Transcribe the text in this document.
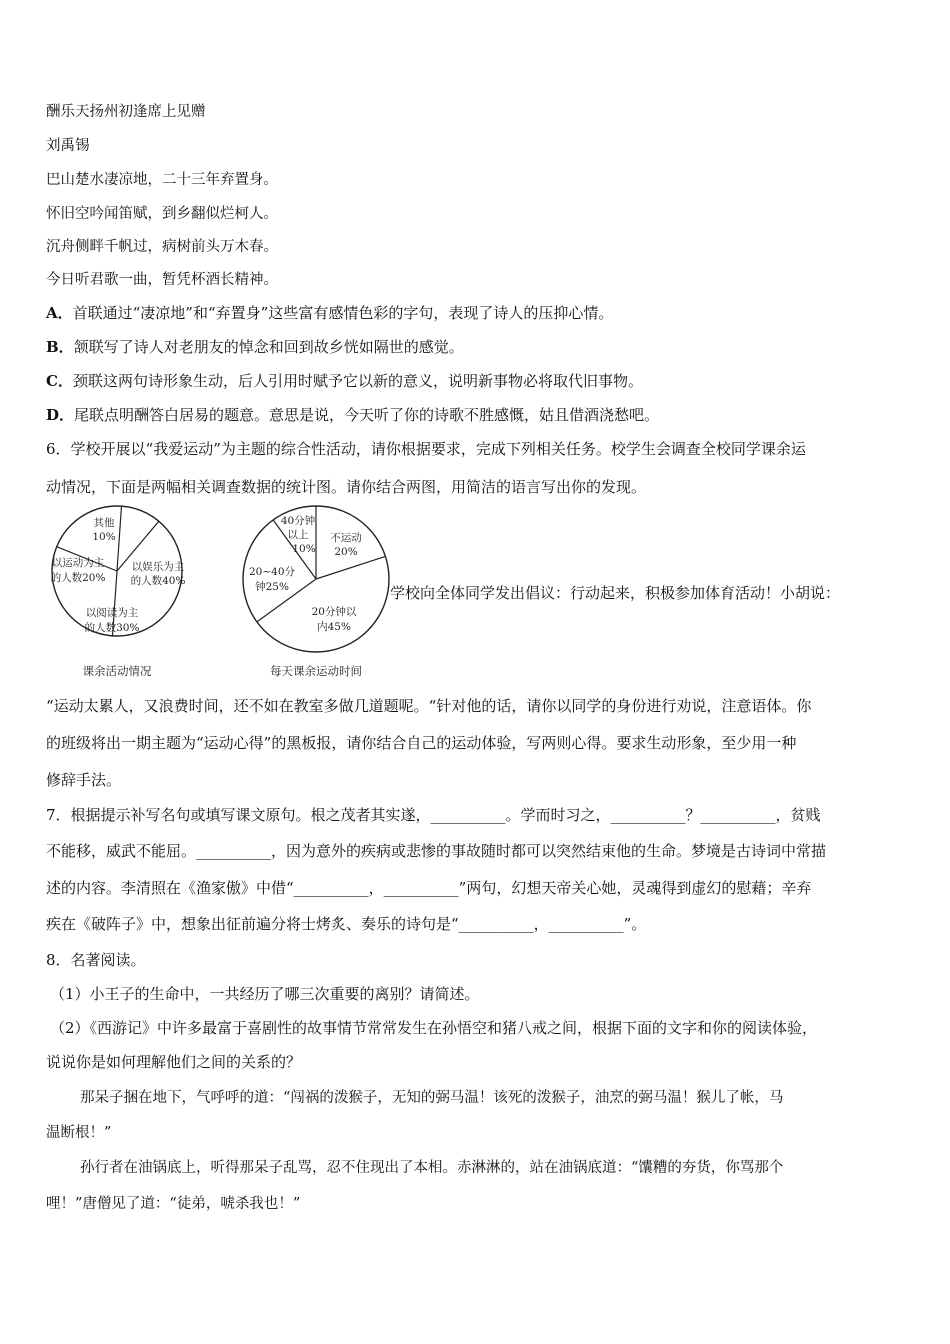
酬乐天扬州初逢席上见赠
刘禹锡
巴山楚水凄凉地，二十三年弃置身。
怀旧空吟闻笛赋，到乡翻似烂柯人。
沉舟侧畔千帆过，病树前头万木春。
今日听君歌一曲，暂凭杯酒长精神。
A．首联通过“凄凉地”和“弃置身”这些富有感情色彩的字句，表现了诗人的压抑心情。
B．颔联写了诗人对老朋友的悼念和回到故乡恍如隔世的感觉。
C．颈联这两句诗形象生动，后人引用时赋予它以新的意义，说明新事物必将取代旧事物。
D．尾联点明酬答白居易的题意。意思是说，今天听了你的诗歌不胜感慨，姑且借酒浇愁吧。
6．学校开展以“我爱运动”为主题的综合性活动，请你根据要求，完成下列相关任务。校学生会调查全校同学课余运
动情况，下面是两幅相关调查数据的统计图。请你结合两图，用简洁的语言写出你的发现。
其他
10%
以娱乐为主
的人数40%
以阅读为主
的人数30%
以运动为主
的人数20%
课余活动情况
40分钟
以上
10%
不运动
20%
20分钟以
内45%
20~40分
钟25%
每天课余运动时间
学校向全体同学发出倡议：行动起来，积极参加体育活动！小胡说：
“运动太累人，又浪费时间，还不如在教室多做几道题呢。“针对他的话，请你以同学的身份进行劝说，注意语体。你
的班级将出一期主题为“运动心得”的黑板报，请你结合自己的运动体验，写两则心得。要求生动形象，至少用一种
修辞手法。
7．根据提示补写名句或填写课文原句。根之茂者其实遂，__________。学而时习之，__________？__________，贫贱
不能移，威武不能屈。__________，因为意外的疾病或悲惨的事故随时都可以突然结束他的生命。梦境是古诗词中常描
述的内容。李清照在《渔家傲》中借“__________，__________”两句，幻想天帝关心她，灵魂得到虚幻的慰藉；辛弃
疾在《破阵子》中，想象出征前遍分将士烤炙、奏乐的诗句是“__________，__________”。
8．名著阅读。
（1）小王子的生命中，一共经历了哪三次重要的离别？请简述。
（2）《西游记》中许多最富于喜剧性的故事情节常常发生在孙悟空和猪八戒之间，根据下面的文字和你的阅读体验，
说说你是如何理解他们之间的关系的？
那呆子捆在地下，气呼呼的道：“闯祸的泼猴子，无知的弼马温！该死的泼猴子，油烹的弼马温！猴儿了帐，马
温断根！”
孙行者在油锅底上，听得那呆子乱骂，忍不住现出了本相。赤淋淋的，站在油锅底道：“馕糟的夯货，你骂那个
哩！”唐僧见了道：“徒弟，唬杀我也！”
